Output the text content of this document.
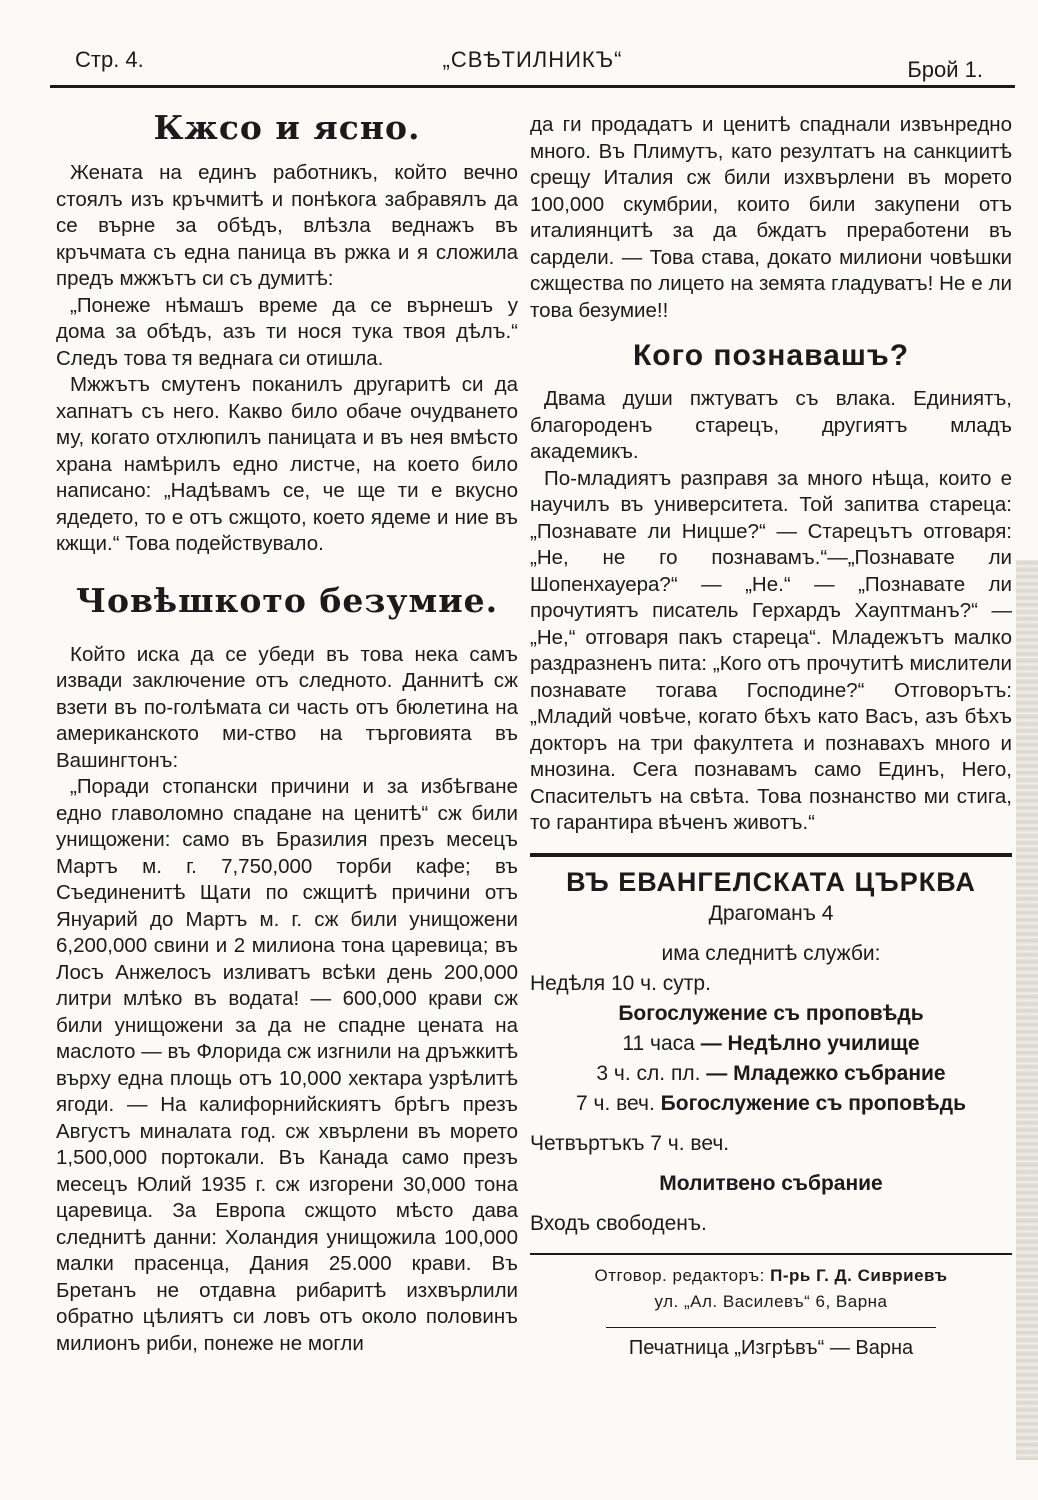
Стр. 4.	„СВѢТИЛНИКЪ“	Брой 1.
Кжсо и ясно.

Жената на единъ работникъ, който вечно стоялъ изъ кръчмитѣ и понѣкога забравялъ да се върне за обѣдъ, влѣзла веднажъ въ кръчмата съ една паница въ ржка и я сложила предъ мжжътъ си съ думитѣ:

„Понеже нѣмашъ време да се върнешъ у дома за обѣдъ, азъ ти нося тука твоя дѣлъ.“ Следъ това тя веднага си отишла.

Мжжътъ смутенъ поканилъ другаритѣ си да хапнатъ съ него. Какво било обаче очудването му, когато отхлюпилъ паницата и въ нея вмѣсто храна намѣрилъ едно листче, на което било написано: „Надѣвамъ се, че ще ти е вкусно ядедето, то е отъ сжщото, което ядеме и ние въ кжщи.“ Това подействувало.

Човѣшкото безумие.

Който иска да се убеди въ това нека самъ извади заключение отъ следното. Даннитѣ сж взети въ по-голѣмата си часть отъ бюлетина на американското ми-ство на търговията въ Вашингтонъ:

„Поради стопански причини и за избѣгване едно главоломно спадане на ценитѣ“ сж били унищожени: само въ Бразилия презъ месецъ Мартъ м. г. 7,750,000 торби кафе; въ Съединенитѣ Щати по сжщитѣ причини отъ Януарий до Мартъ м. г. сж били унищожени 6,200,000 свини и 2 милиона тона царевица; въ Лосъ Анжелосъ изливатъ всѣки день 200,000 литри млѣко въ водата! — 600,000 крави сж били унищожени за да не спадне цената на маслото — въ Флорида сж изгнили на дръжкитѣ върху една площь отъ 10,000 хектара узрѣлитѣ ягоди. — На калифорнийскиятъ брѣгъ презъ Августъ миналата год. сж хвърлени въ морето 1,500,000 портокали. Въ Канада само презъ месецъ Юлий 1935 г. сж изгорени 30,000 тона царевица. За Европа сжщото мѣсто дава следнитѣ данни: Холандия унищожила 100,000 малки прасенца, Дания 25.000 крави. Въ Бретанъ не отдавна рибаритѣ изхвърлили обратно цѣлиятъ си ловъ отъ около половинъ милионъ риби, понеже не могли

да ги продадатъ и ценитѣ спаднали извънредно много. Въ Плимутъ, като резултатъ на санкциитѣ срещу Италия сж били изхвърлени въ морето 100,000 скумбрии, които били закупени отъ италиянцитѣ за да бждатъ преработени въ сардели. — Това става, докато милиони човѣшки сжщества по лицето на земята гладуватъ! Не е ли това безумие!!

Кого познавашъ?

Двама души пжтуватъ съ влака. Единиятъ, благороденъ старецъ, другиятъ младъ академикъ.

По-младиятъ разправя за много нѣща, които е научилъ въ университета. Той запитва стареца: „Познавате ли Ницше?“ — Старецътъ отговаря: „Не, не го познавамъ.“—„Познавате ли Шопенхауера?“ — „Не.“ — „Познавате ли прочутиятъ писатель Герхардъ Хауптманъ?“ — „Не,“ отговаря пакъ стареца“. Младежътъ малко раздразненъ пита: „Кого отъ прочутитѣ мислители познавате тогава Господине?“ Отговорътъ: „Младий човѣче, когато бѣхъ като Васъ, азъ бѣхъ докторъ на три факултета и познавахъ много и мнозина. Сега познавамъ само Единъ, Него, Спасительтъ на свѣта. Това познанство ми стига, то гарантира вѣченъ животъ.“

ВЪ ЕВАНГЕЛСКАТА ЦЪРКВА
Драгоманъ 4
има следнитѣ служби:
Недѣля 10 ч. сутр.
Богослужение съ проповѣдь
11 часа — Недѣлно училище
3 ч. сл. пл. — Младежко събрание
7 ч. веч. Богослужение съ проповѣдь
Четвъртъкъ 7 ч. веч.
Молитвено събрание
Входъ свободенъ.
Отговор. редакторъ: П-рь Г. Д. Сивриевъ
ул. „Ал. Василевъ“ 6, Варна
Печатница „Изгрѣвъ“ — Варна
